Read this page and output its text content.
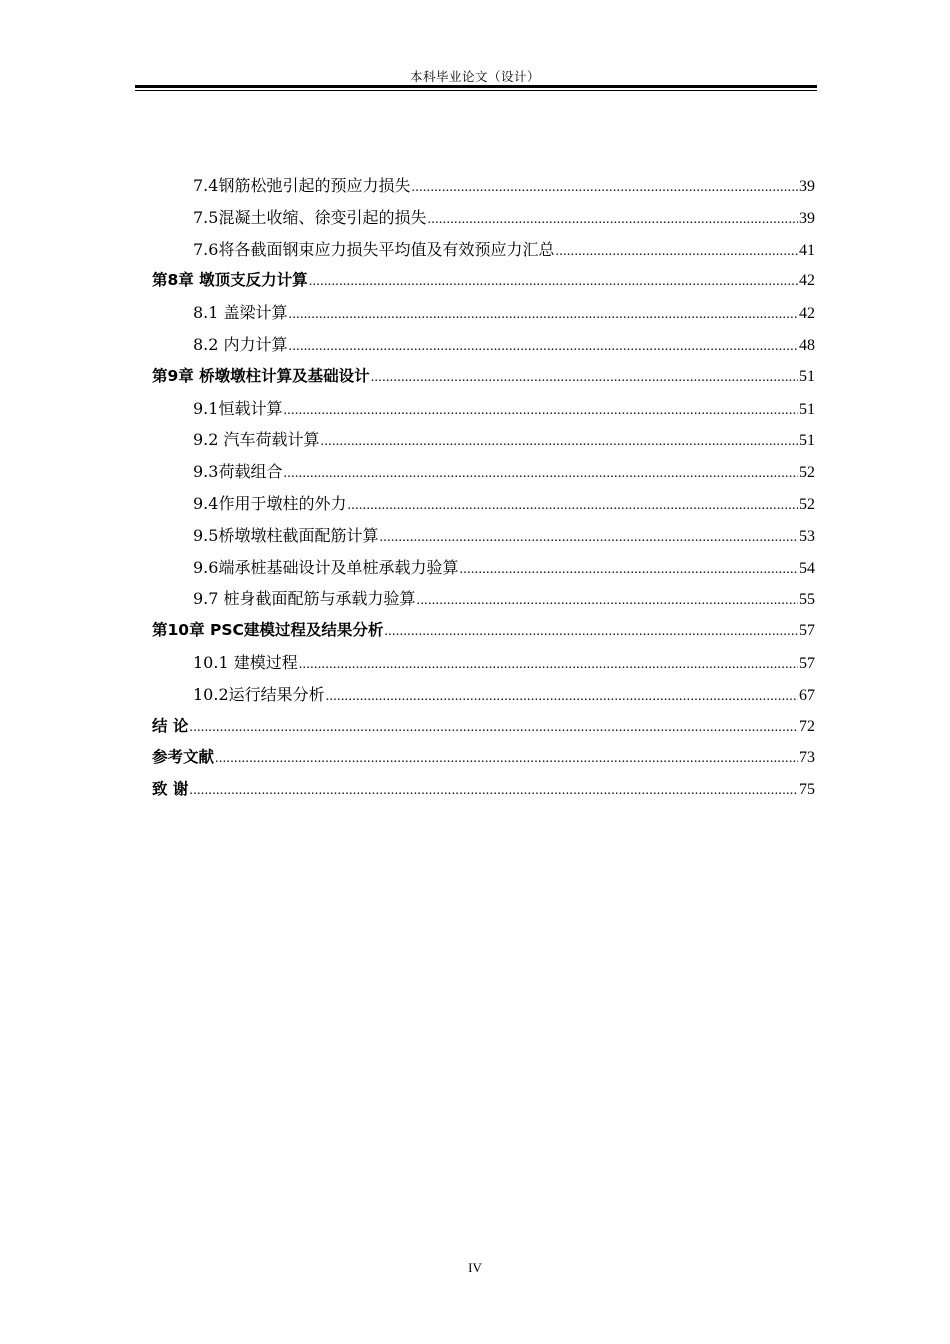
本科毕业论文（设计）
7.4钢筋松弛引起的预应力损失 .....	39
7.5混凝土收缩、徐变引起的损失 .....	39
7.6将各截面钢束应力损失平均值及有效预应力汇总 .....	41
第8章 墩顶支反力计算 .....	42
8.1 盖梁计算 .....	42
8.2 内力计算 .....	48
第9章 桥墩墩柱计算及基础设计 .....	51
9.1恒载计算 .....	51
9.2 汽车荷载计算 .....	51
9.3荷载组合 .....	52
9.4作用于墩柱的外力 .....	52
9.5桥墩墩柱截面配筋计算 .....	53
9.6端承桩基础设计及单桩承载力验算 .....	54
9.7 桩身截面配筋与承载力验算 .....	55
第10章 PSC建模过程及结果分析 .....	57
10.1 建模过程 .....	57
10.2运行结果分析 .....	67
结 论 .....	72
参考文献 .....	73
致 谢 .....	75
IV
